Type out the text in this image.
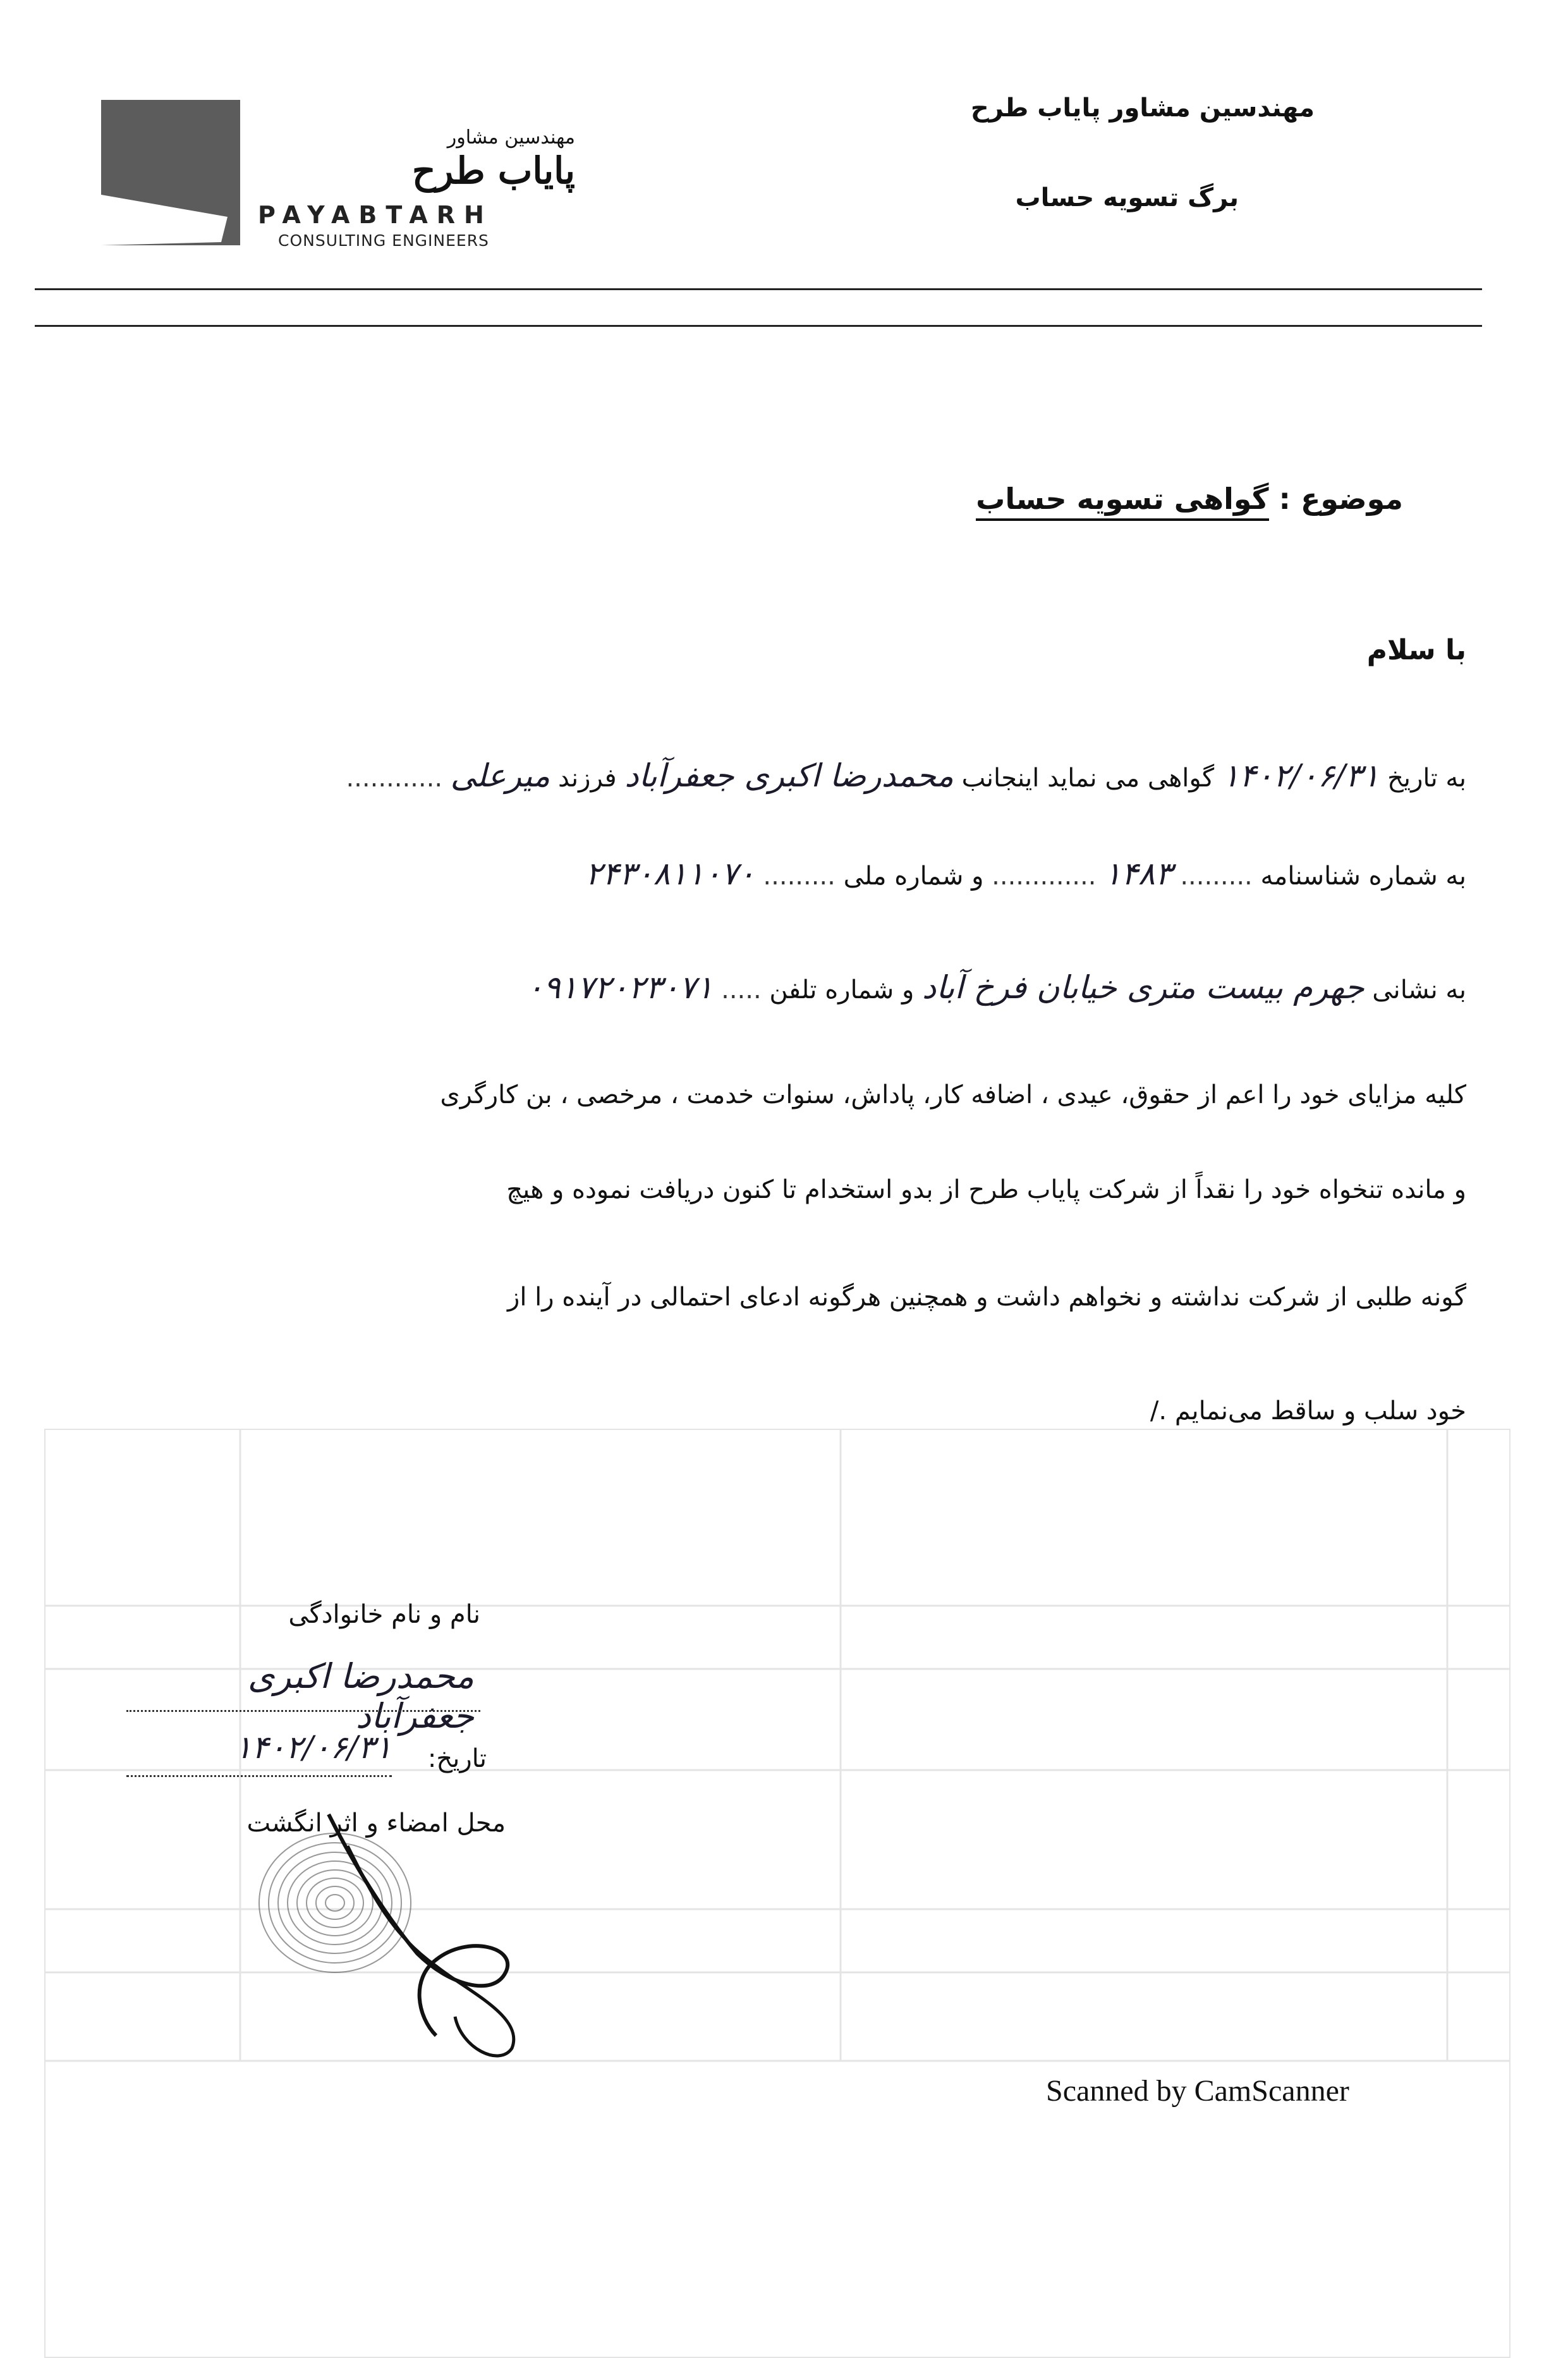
مهندسین مشاور
پایاب طرح
PAYABTARH
CONSULTING ENGINEERS
مهندسین مشاور پایاب طرح
برگ تسویه حساب
موضوع : گواهی تسویه حساب
با سلام
به تاریخ ۱۴۰۲/۰۶/۳۱ گواهی می نماید اینجانب محمدرضا اکبری جعفرآباد فرزند میرعلی ............
به شماره شناسنامه ......... ۱۴۸۳ ............. و شماره ملی ......... ۲۴۳۰۸۱۱۰۷۰
به نشانی جهرم بیست متری خیابان فرخ آباد و شماره تلفن ..... ۰۹۱۷۲۰۲۳۰۷۱
کلیه مزایای خود را اعم از حقوق، عیدی ، اضافه کار، پاداش، سنوات خدمت ، مرخصی ، بن کارگری
و مانده تنخواه خود را نقداً از شرکت پایاب طرح از بدو استخدام تا کنون دریافت نموده و هیچ
گونه طلبی از شرکت نداشته و نخواهم داشت و همچنین هرگونه ادعای احتمالی در آینده را از
خود سلب و ساقط می‌نمایم ./
نام و نام خانوادگی
محمدرضا اکبری جعفرآباد
۱۴۰۲/۰۶/۳۱	تاریخ:
محل امضاء و اثر انگشت
Scanned by CamScanner
